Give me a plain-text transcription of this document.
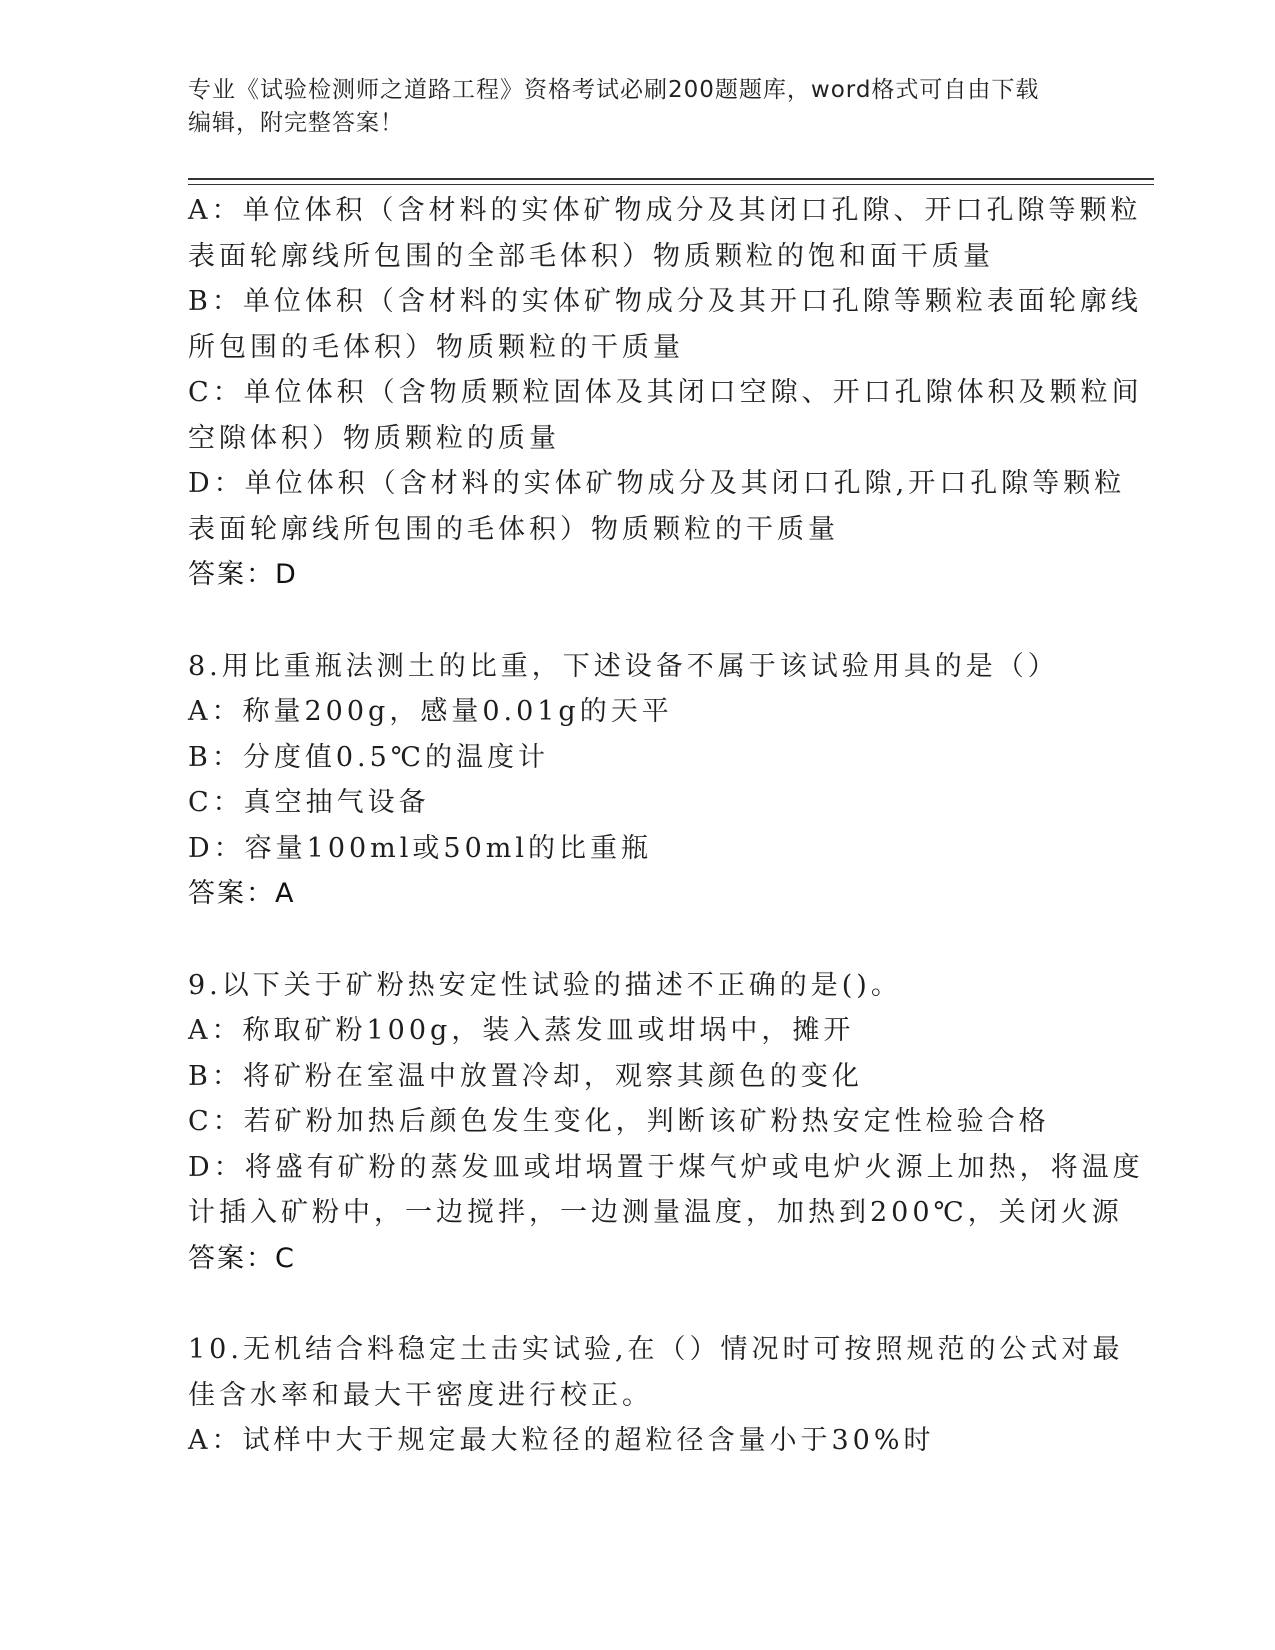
专业《试验检测师之道路工程》资格考试必刷200题题库，word格式可自由下载
编辑，附完整答案！
A：单位体积（含材料的实体矿物成分及其闭口孔隙、开口孔隙等颗粒
表面轮廓线所包围的全部毛体积）物质颗粒的饱和面干质量
B：单位体积（含材料的实体矿物成分及其开口孔隙等颗粒表面轮廓线
所包围的毛体积）物质颗粒的干质量
C：单位体积（含物质颗粒固体及其闭口空隙、开口孔隙体积及颗粒间
空隙体积）物质颗粒的质量
D：单位体积（含材料的实体矿物成分及其闭口孔隙,开口孔隙等颗粒
表面轮廓线所包围的毛体积）物质颗粒的干质量
答案：D
8.用比重瓶法测土的比重，下述设备不属于该试验用具的是（）
A：称量200g，感量0.01g的天平
B：分度值0.5℃的温度计
C：真空抽气设备
D：容量100ml或50ml的比重瓶
答案：A
9.以下关于矿粉热安定性试验的描述不正确的是()。
A：称取矿粉100g，装入蒸发皿或坩埚中，摊开
B：将矿粉在室温中放置冷却，观察其颜色的变化
C：若矿粉加热后颜色发生变化，判断该矿粉热安定性检验合格
D：将盛有矿粉的蒸发皿或坩埚置于煤气炉或电炉火源上加热，将温度
计插入矿粉中，一边搅拌，一边测量温度，加热到200℃，关闭火源
答案：C
10.无机结合料稳定土击实试验,在（）情况时可按照规范的公式对最
佳含水率和最大干密度进行校正。
A：试样中大于规定最大粒径的超粒径含量小于30%时
